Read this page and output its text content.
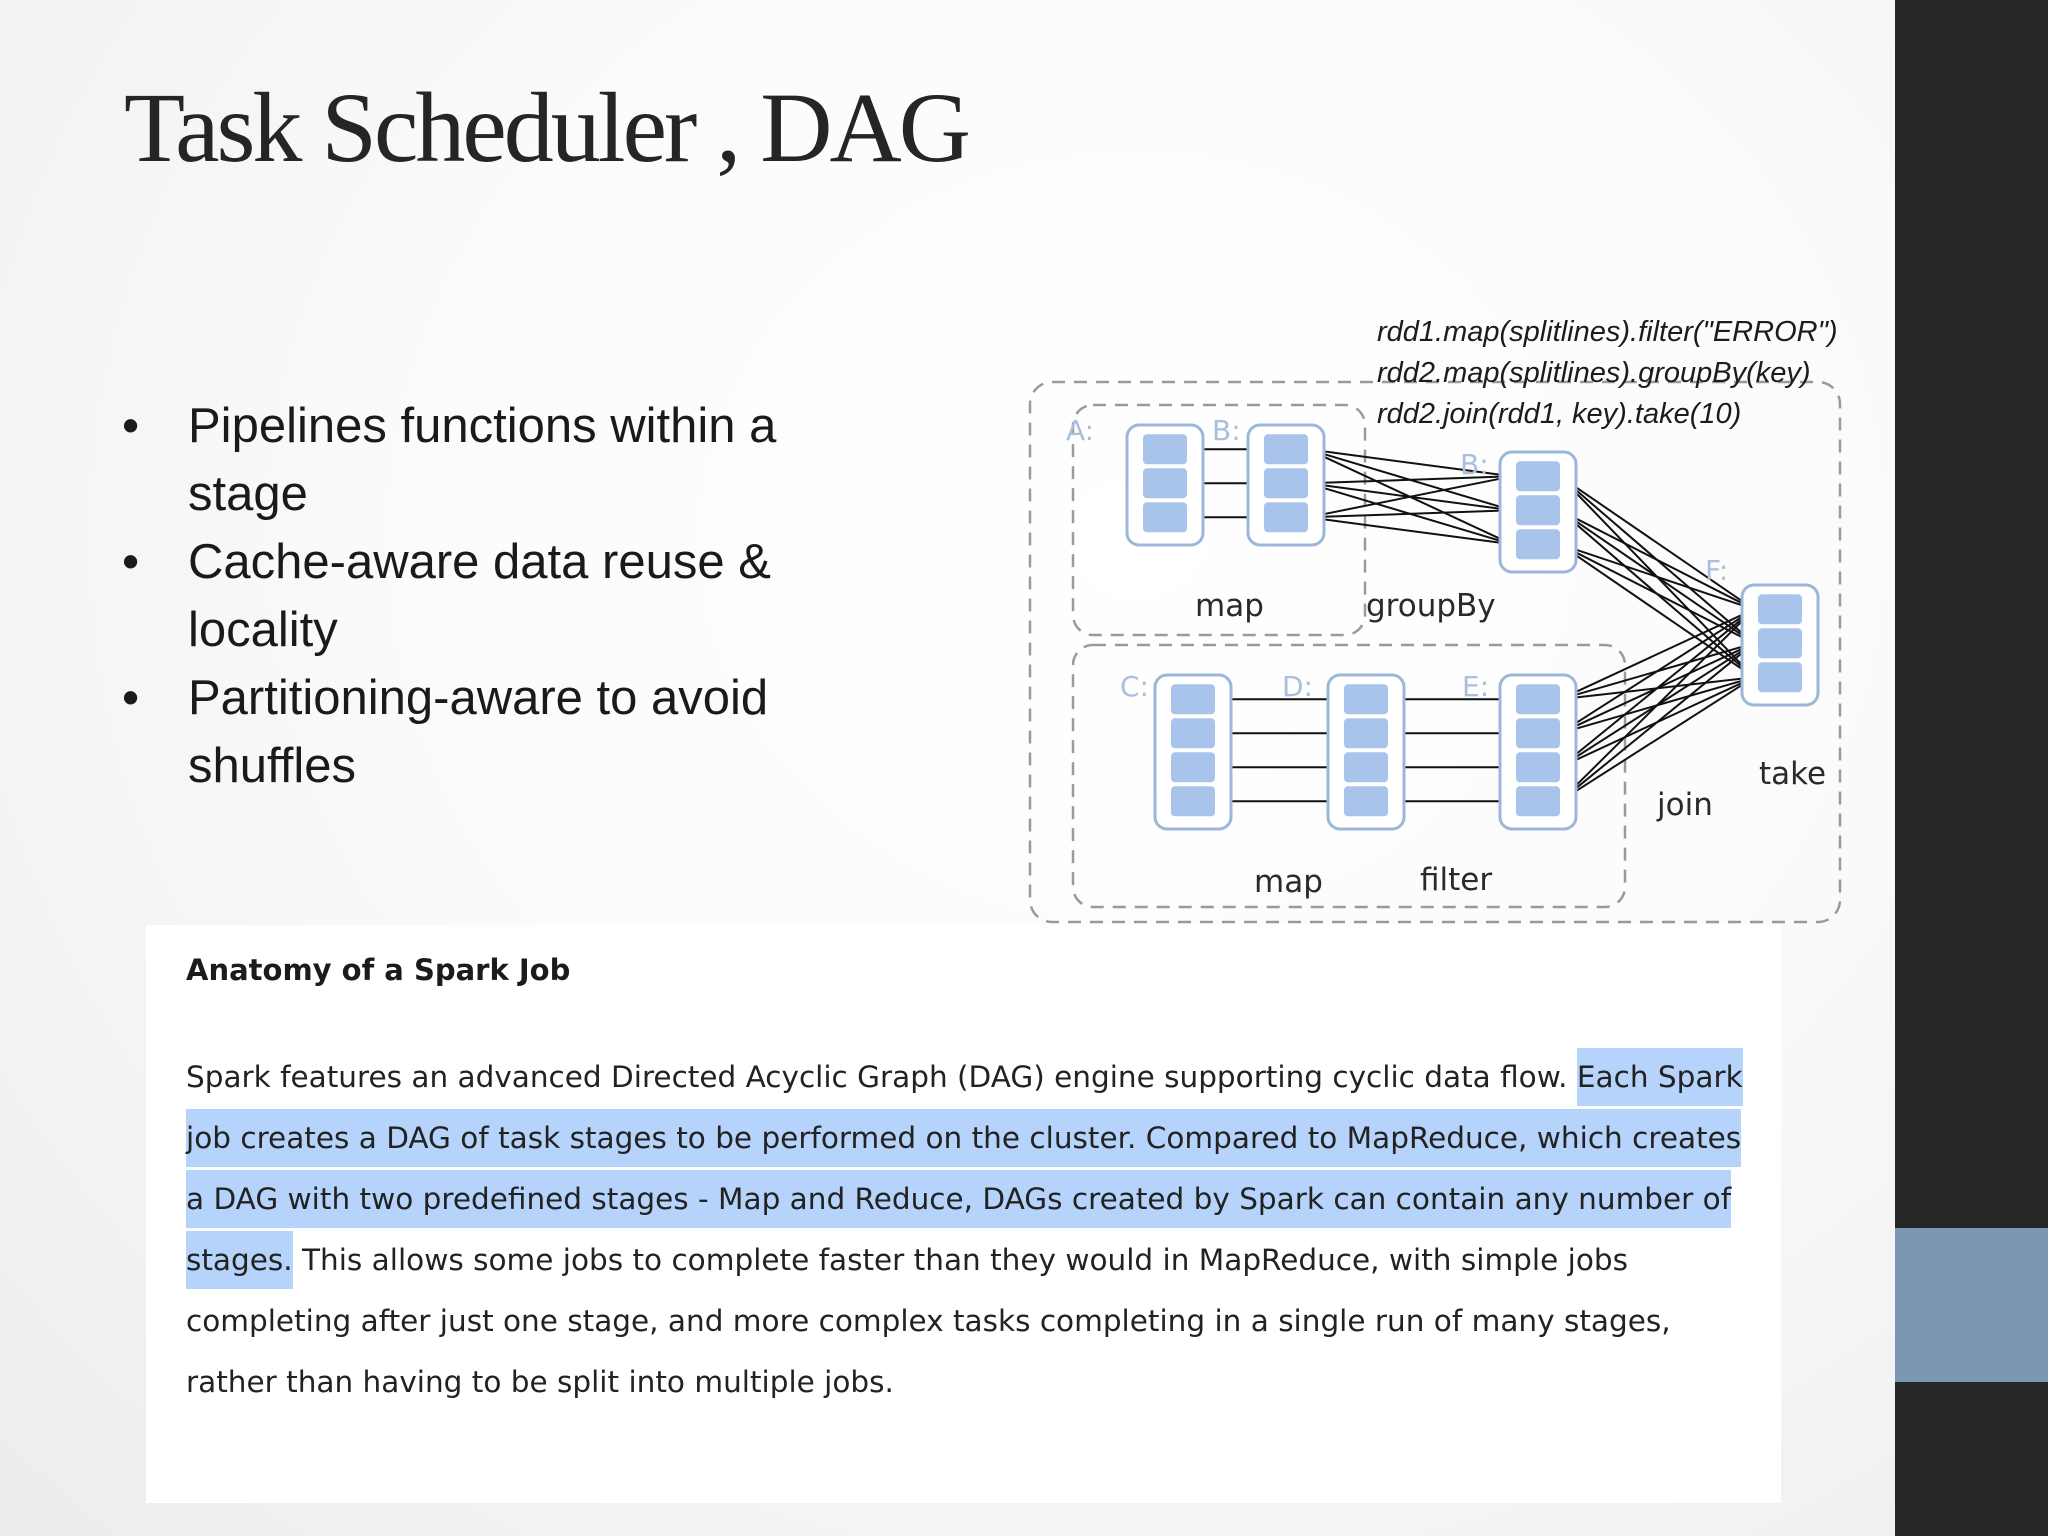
Task Scheduler , DAG
• Pipelines functions within a stage
• Cache-aware data reuse & locality
• Partitioning-aware to avoid shuffles
A:	B:
B:
C:	D:	E:
F:
map	groupBy
map	filter
join
take
rdd1.map(splitlines).filter("ERROR")
rdd2.map(splitlines).groupBy(key)
rdd2.join(rdd1, key).take(10)
Anatomy of a Spark Job
Spark features an advanced Directed Acyclic Graph (DAG) engine supporting cyclic data flow. Each Spark job creates a DAG of task stages to be performed on the cluster. Compared to MapReduce, which creates a DAG with two predefined stages - Map and Reduce, DAGs created by Spark can contain any number of stages. This allows some jobs to complete faster than they would in MapReduce, with simple jobs completing after just one stage, and more complex tasks completing in a single run of many stages, rather than having to be split into multiple jobs.
